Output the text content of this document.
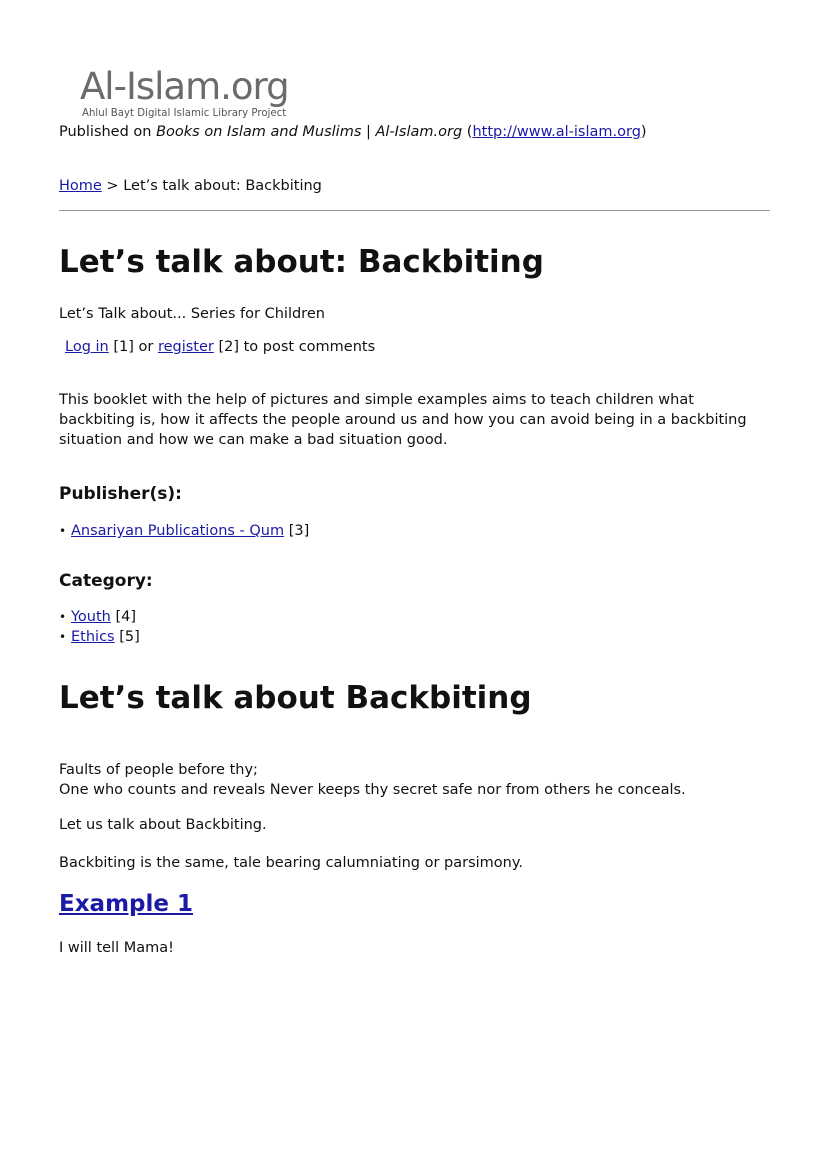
Al-Islam.org
Ahlul Bayt Digital Islamic Library Project
Published on Books on Islam and Muslims | Al-Islam.org (http://www.al-islam.org)
Home > Let’s talk about: Backbiting
Let’s talk about: Backbiting
Let’s Talk about... Series for Children
Log in [1] or register [2] to post comments

This booklet with the help of pictures and simple examples aims to teach children what backbiting is, how it affects the people around us and how you can avoid being in a backbiting situation and how we can make a bad situation good.

Publisher(s):
• Ansariyan Publications - Qum [3]
Category:
• Youth [4]
• Ethics [5]
Let’s talk about Backbiting
Faults of people before thy;
One who counts and reveals Never keeps thy secret safe nor from others he conceals.

Let us talk about Backbiting.

Backbiting is the same, tale bearing calumniating or parsimony.

Example 1

I will tell Mama!
